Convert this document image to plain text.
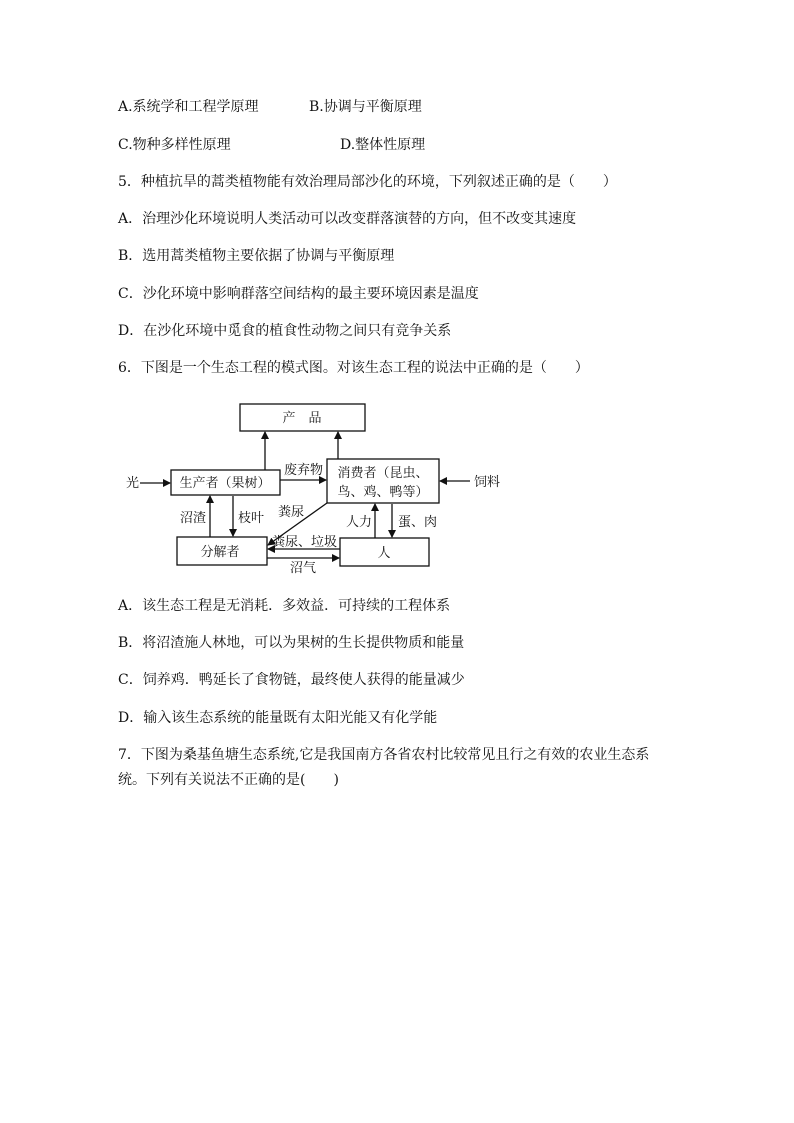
A.系统学和工程学原理	B.协调与平衡原理
C.物种多样性原理	D.整体性原理
5．种植抗旱的蒿类植物能有效治理局部沙化的环境，下列叙述正确的是（　　）
A．治理沙化环境说明人类活动可以改变群落演替的方向，但不改变其速度
B．选用蒿类植物主要依据了协调与平衡原理
C．沙化环境中影响群落空间结构的最主要环境因素是温度
D．在沙化环境中觅食的植食性动物之间只有竞争关系
6．下图是一个生态工程的模式图。对该生态工程的说法中正确的是（　　）
产　品
生产者（果树）
消费者（昆虫、
鸟、鸡、鸭等）
分解者	人
光	饲料
废弃物
粪尿
沼渣 枝叶	人力 蛋、肉
粪尿、垃圾
沼气
A．该生态工程是无消耗．多效益．可持续的工程体系
B．将沼渣施人林地，可以为果树的生长提供物质和能量
C．饲养鸡．鸭延长了食物链，最终使人获得的能量减少
D．输入该生态系统的能量既有太阳光能又有化学能
7．下图为桑基鱼塘生态系统,它是我国南方各省农村比较常见且行之有效的农业生态系
统。下列有关说法不正确的是(　　)
